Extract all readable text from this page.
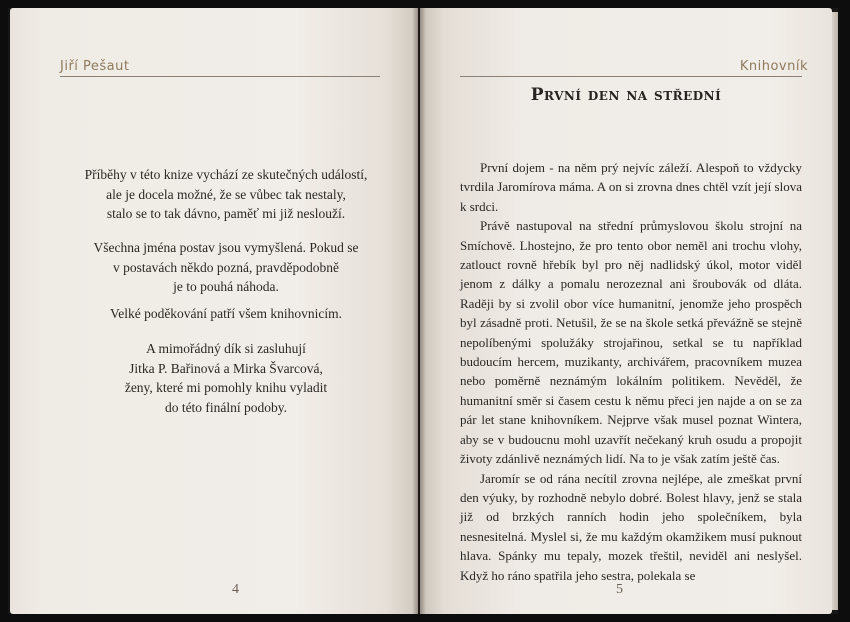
Jiří Pešaut

Příběhy v této knize vychází ze skutečných událostí,

ale je docela možné, že se vůbec tak nestaly,

stalo se to tak dávno, paměť mi již neslouží.

Všechna jména postav jsou vymyšlená. Pokud se

v postavách někdo pozná, pravděpodobně

je to pouhá náhoda.

Velké poděkování patří všem knihovnicím.

A mimořádný dík si zasluhují

Jitka P. Bařinová a Mirka Švarcová,

ženy, které mi pomohly knihu vyladit

do této finální podoby.

4
Knihovník
První den na střední

První dojem - na něm prý nejvíc záleží. Alespoň to vždycky tvrdila Jaromírova máma. A on si zrovna dnes chtěl vzít její slova k srdci.

Právě nastupoval na střední průmyslovou školu strojní na Smíchově. Lhostejno, že pro tento obor neměl ani trochu vlohy, zatlouct rovně hřebík byl pro něj nadlidský úkol, motor viděl jenom z dálky a pomalu nerozeznal ani šroubovák od dláta. Raději by si zvolil obor více humanitní, jenomže jeho prospěch byl zásadně proti. Netušil, že se na škole setká převážně se stejně nepolíbenými spolužáky strojařinou, setkal se tu například budoucím hercem, muzikanty, archivářem, pracovníkem muzea nebo poměrně neznámým lokálním politikem. Nevěděl, že humanitní směr si časem cestu k němu přeci jen najde a on se za pár let stane knihovníkem. Nejprve však musel poznat Wintera, aby se v budoucnu mohl uzavřít nečekaný kruh osudu a propojit životy zdánlivě neznámých lidí. Na to je však zatím ještě čas.

Jaromír se od rána necítil zrovna nejlépe, ale zmeškat první den výuky, by rozhodně nebylo dobré. Bolest hlavy, jenž se stala již od brzkých ranních hodin jeho společníkem, byla nesnesitelná. Myslel si, že mu každým okamžikem musí puknout hlava. Spánky mu tepaly, mozek třeštil, neviděl ani neslyšel. Když ho ráno spatřila jeho sestra, polekala se

5
